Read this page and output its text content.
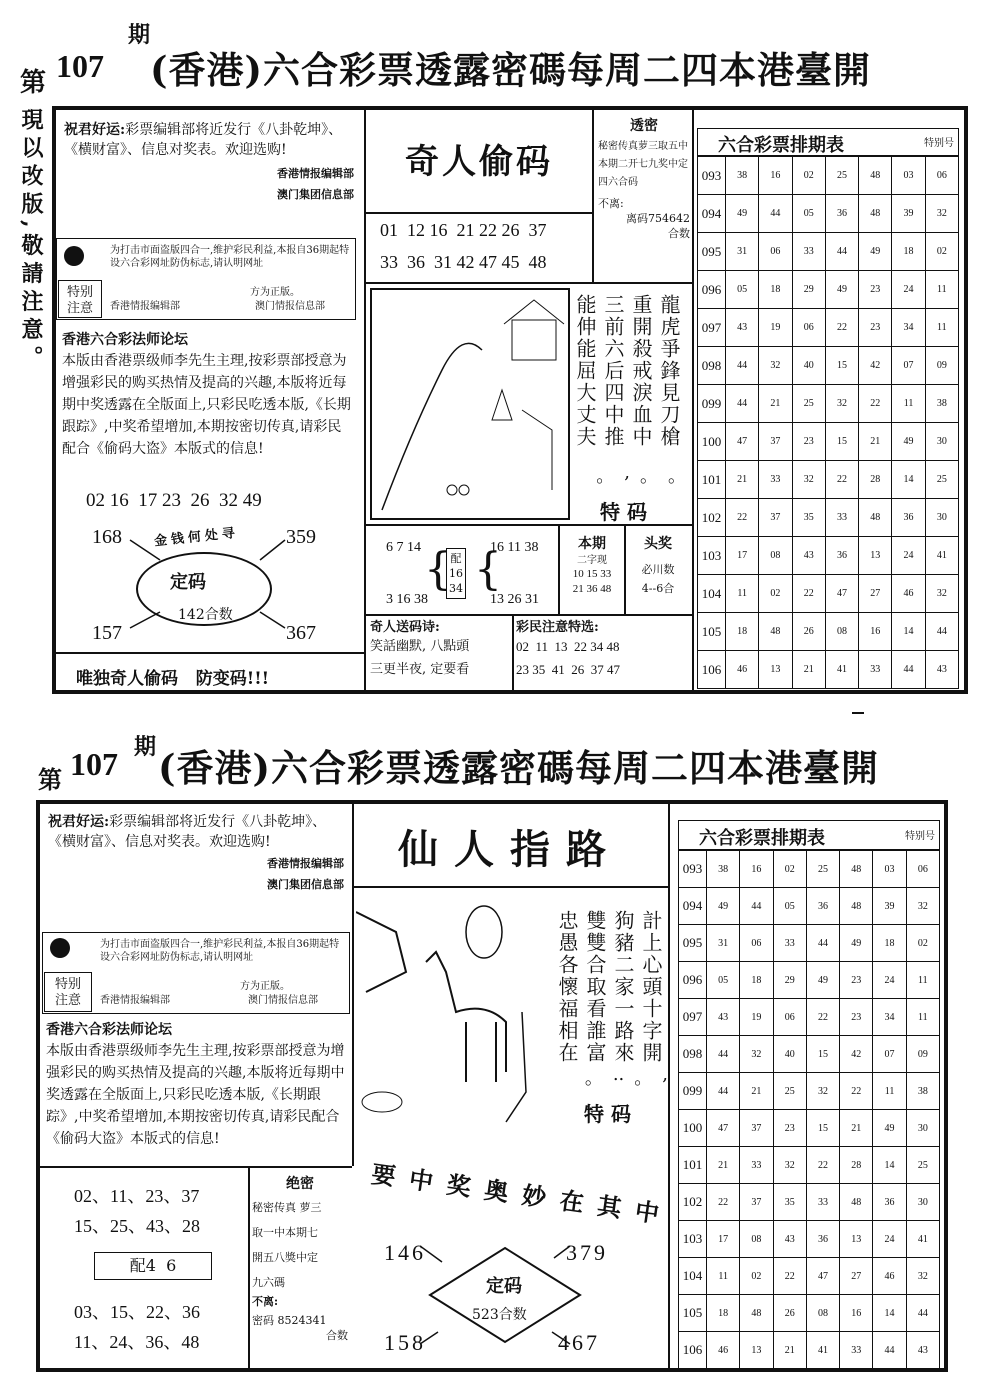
第 107
期
(香港)六合彩票透露密碼每周二四本港臺開
現以改版,敬請注意。 祝君好运:彩票编辑部将近发行《八卦乾坤》、《横财富》、信息对奖表。欢迎选购!
香港情报编辑部
澳门集团信息部
特别注意
为打击市面盗版四合一,维护彩民利益,本报自36期起特设六合彩网址防伪标志,请认明网址
方为正版。
香港情报编辑部	澳门情报信息部
香港六合彩法师论坛
本版由香港票级师李先生主理,按彩票部授意为增强彩民的购买热情及提高的兴趣,本版将近每期中奖透露在全版面上,只彩民吃透本版,《长期跟踪》,中奖希望增加,本期按密切传真,请彩民配合《偷码大盗》本版式的信息!
02 16  17 23  26  32 49
168	359
157	367
金钱何处寻
定码
142合数
唯独奇人偷码   防变码!!!
奇人偷码
01  12 16  21 22 26  37
33  36  31 42 47 45  48
透密
秘密传真萝三取五中本期二开七九奖中定四六合码
不离:
离码754642
合数
龍虎爭鋒見刀槍
重開殺戒淚血中
三前六后四中推
能伸能屈大丈夫
。
。
,
。
特 码
6 7 14
3 16 38
配 16 34
16 11 38
13 26 31
{ {	本期
二字现
10 15 33
21 36 48
头奖
必川数
4--6合
奇人送码诗:
笑話幽默, 八點頭
三更半夜, 定要看
彩民注意特选:
02  11  13  22 34 48
23 35  41  26  37 47
六合彩票排期表	特别号
093	38	16	02	25	48	03	06
094	49	44	05	36	48	39	32
095	31	06	33	44	49	18	02
096	05	18	29	49	23	24	11
097	43	19	06	22	23	34	11
098	44	32	40	15	42	07	09
099	44	21	25	32	22	11	38
100	47	37	23	15	21	49	30
101	21	33	32	22	28	14	25
102	22	37	35	33	48	36	30
103	17	08	43	36	13	24	41
104	11	02	22	47	27	46	32
105	18	48	26	08	16	14	44
106	46	13	21	41	33	44	43
第 107 期 (香港)六合彩票透露密碼每周二四本港臺開
祝君好运:彩票编辑部将近发行《八卦乾坤》、《横财富》、信息对奖表。欢迎选购!
香港情报编辑部
澳门集团信息部
特别注意
为打击市面盗版四合一,维护彩民利益,本报自36期起特设六合彩网址防伪标志,请认明网址
方为正版。
香港情报编辑部	澳门情报信息部
香港六合彩法师论坛
本版由香港票级师李先生主理,按彩票部授意为增强彩民的购买热情及提高的兴趣,本版将近每期中奖透露在全版面上,只彩民吃透本版,《长期跟踪》,中奖希望增加,本期按密切传真,请彩民配合《偷码大盗》本版式的信息!
02、11、23、37
15、25、43、28
配4  6
03、15、22、36
11、24、36、48
绝密
秘密传真 萝三
取一中本期七
開五八獎中定
九六碼
不离:
密码 8524341
合数
仙人指路
計上心頭十字開
狗豬二家一路來
雙雙合取看誰富
忠愚各懷福相在
,
。
..
。
特 码
要中奖奥妙在其中
146	379
158	467
定码
523合数
六合彩票排期表	特别号
093	38	16	02	25	48	03	06
094	49	44	05	36	48	39	32
095	31	06	33	44	49	18	02
096	05	18	29	49	23	24	11
097	43	19	06	22	23	34	11
098	44	32	40	15	42	07	09
099	44	21	25	32	22	11	38
100	47	37	23	15	21	49	30
101	21	33	32	22	28	14	25
102	22	37	35	33	48	36	30
103	17	08	43	36	13	24	41
104	11	02	22	47	27	46	32
105	18	48	26	08	16	14	44
106	46	13	21	41	33	44	43
